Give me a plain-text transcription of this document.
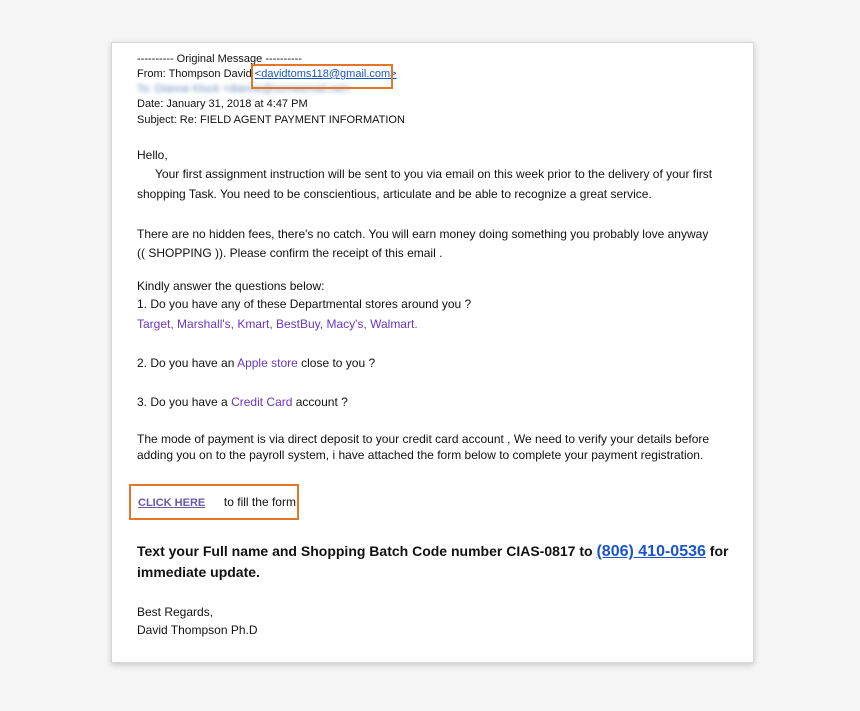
---------- Original Message ----------
From: Thompson David <davidtoms118@gmail.com>
To: Dianne Kluck <dianne@someemail.net>
Date: January 31, 2018 at 4:47 PM
Subject: Re: FIELD AGENT PAYMENT INFORMATION
Hello,
Your first assignment instruction will be sent to you via email on this week prior to the delivery of your first
shopping Task. You need to be conscientious, articulate and be able to recognize a great service.
There are no hidden fees, there's no catch. You will earn money doing something you probably love anyway
(( SHOPPING )). Please confirm the receipt of this email .
Kindly answer the questions below:
1. Do you have any of these Departmental stores around you ?
Target, Marshall's, Kmart, BestBuy, Macy's, Walmart.
2. Do you have an Apple store close to you ?
3. Do you have a Credit Card account ?
The mode of payment is via direct deposit to your credit card account , We need to verify your details before
adding you on to the payroll system, i have attached the form below to complete your payment registration.
CLICK HERE to fill the form
Text your Full name and Shopping Batch Code number CIAS-0817 to (806) 410-0536 for
immediate update.
Best Regards,
David Thompson Ph.D
